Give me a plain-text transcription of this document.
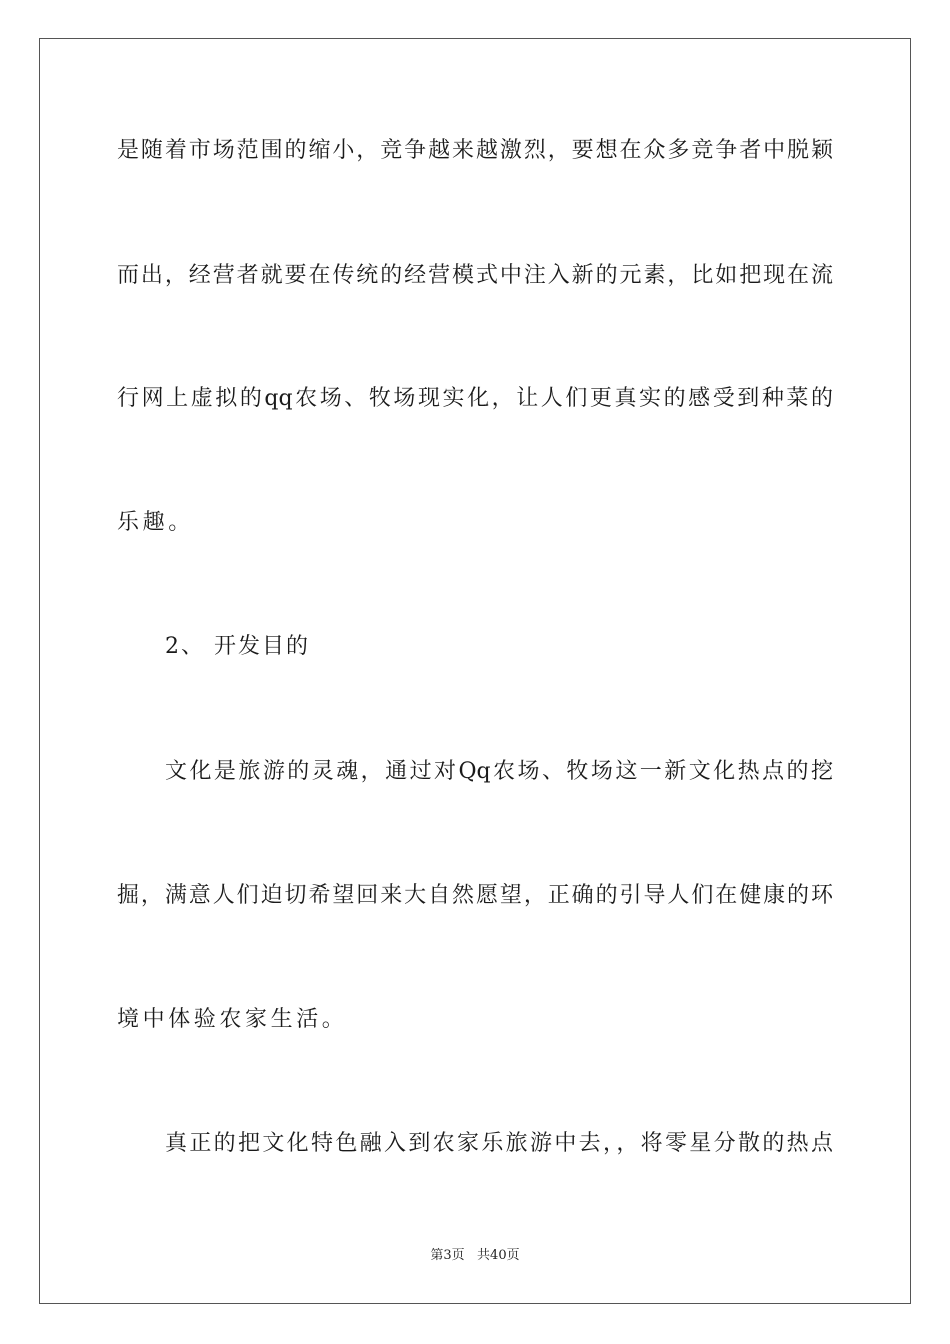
是随着市场范围的缩小，竞争越来越激烈，要想在众多竞争者中脱颖
而出，经营者就要在传统的经营模式中注入新的元素，比如把现在流
行网上虚拟的qq农场、牧场现实化，让人们更真实的感受到种菜的
乐趣。
2、 开发目的
文化是旅游的灵魂，通过对Qq农场、牧场这一新文化热点的挖
掘，满意人们迫切希望回来大自然愿望，正确的引导人们在健康的环
境中体验农家生活。
真正的把文化特色融入到农家乐旅游中去，，将零星分散的热点
第3页   共40页
